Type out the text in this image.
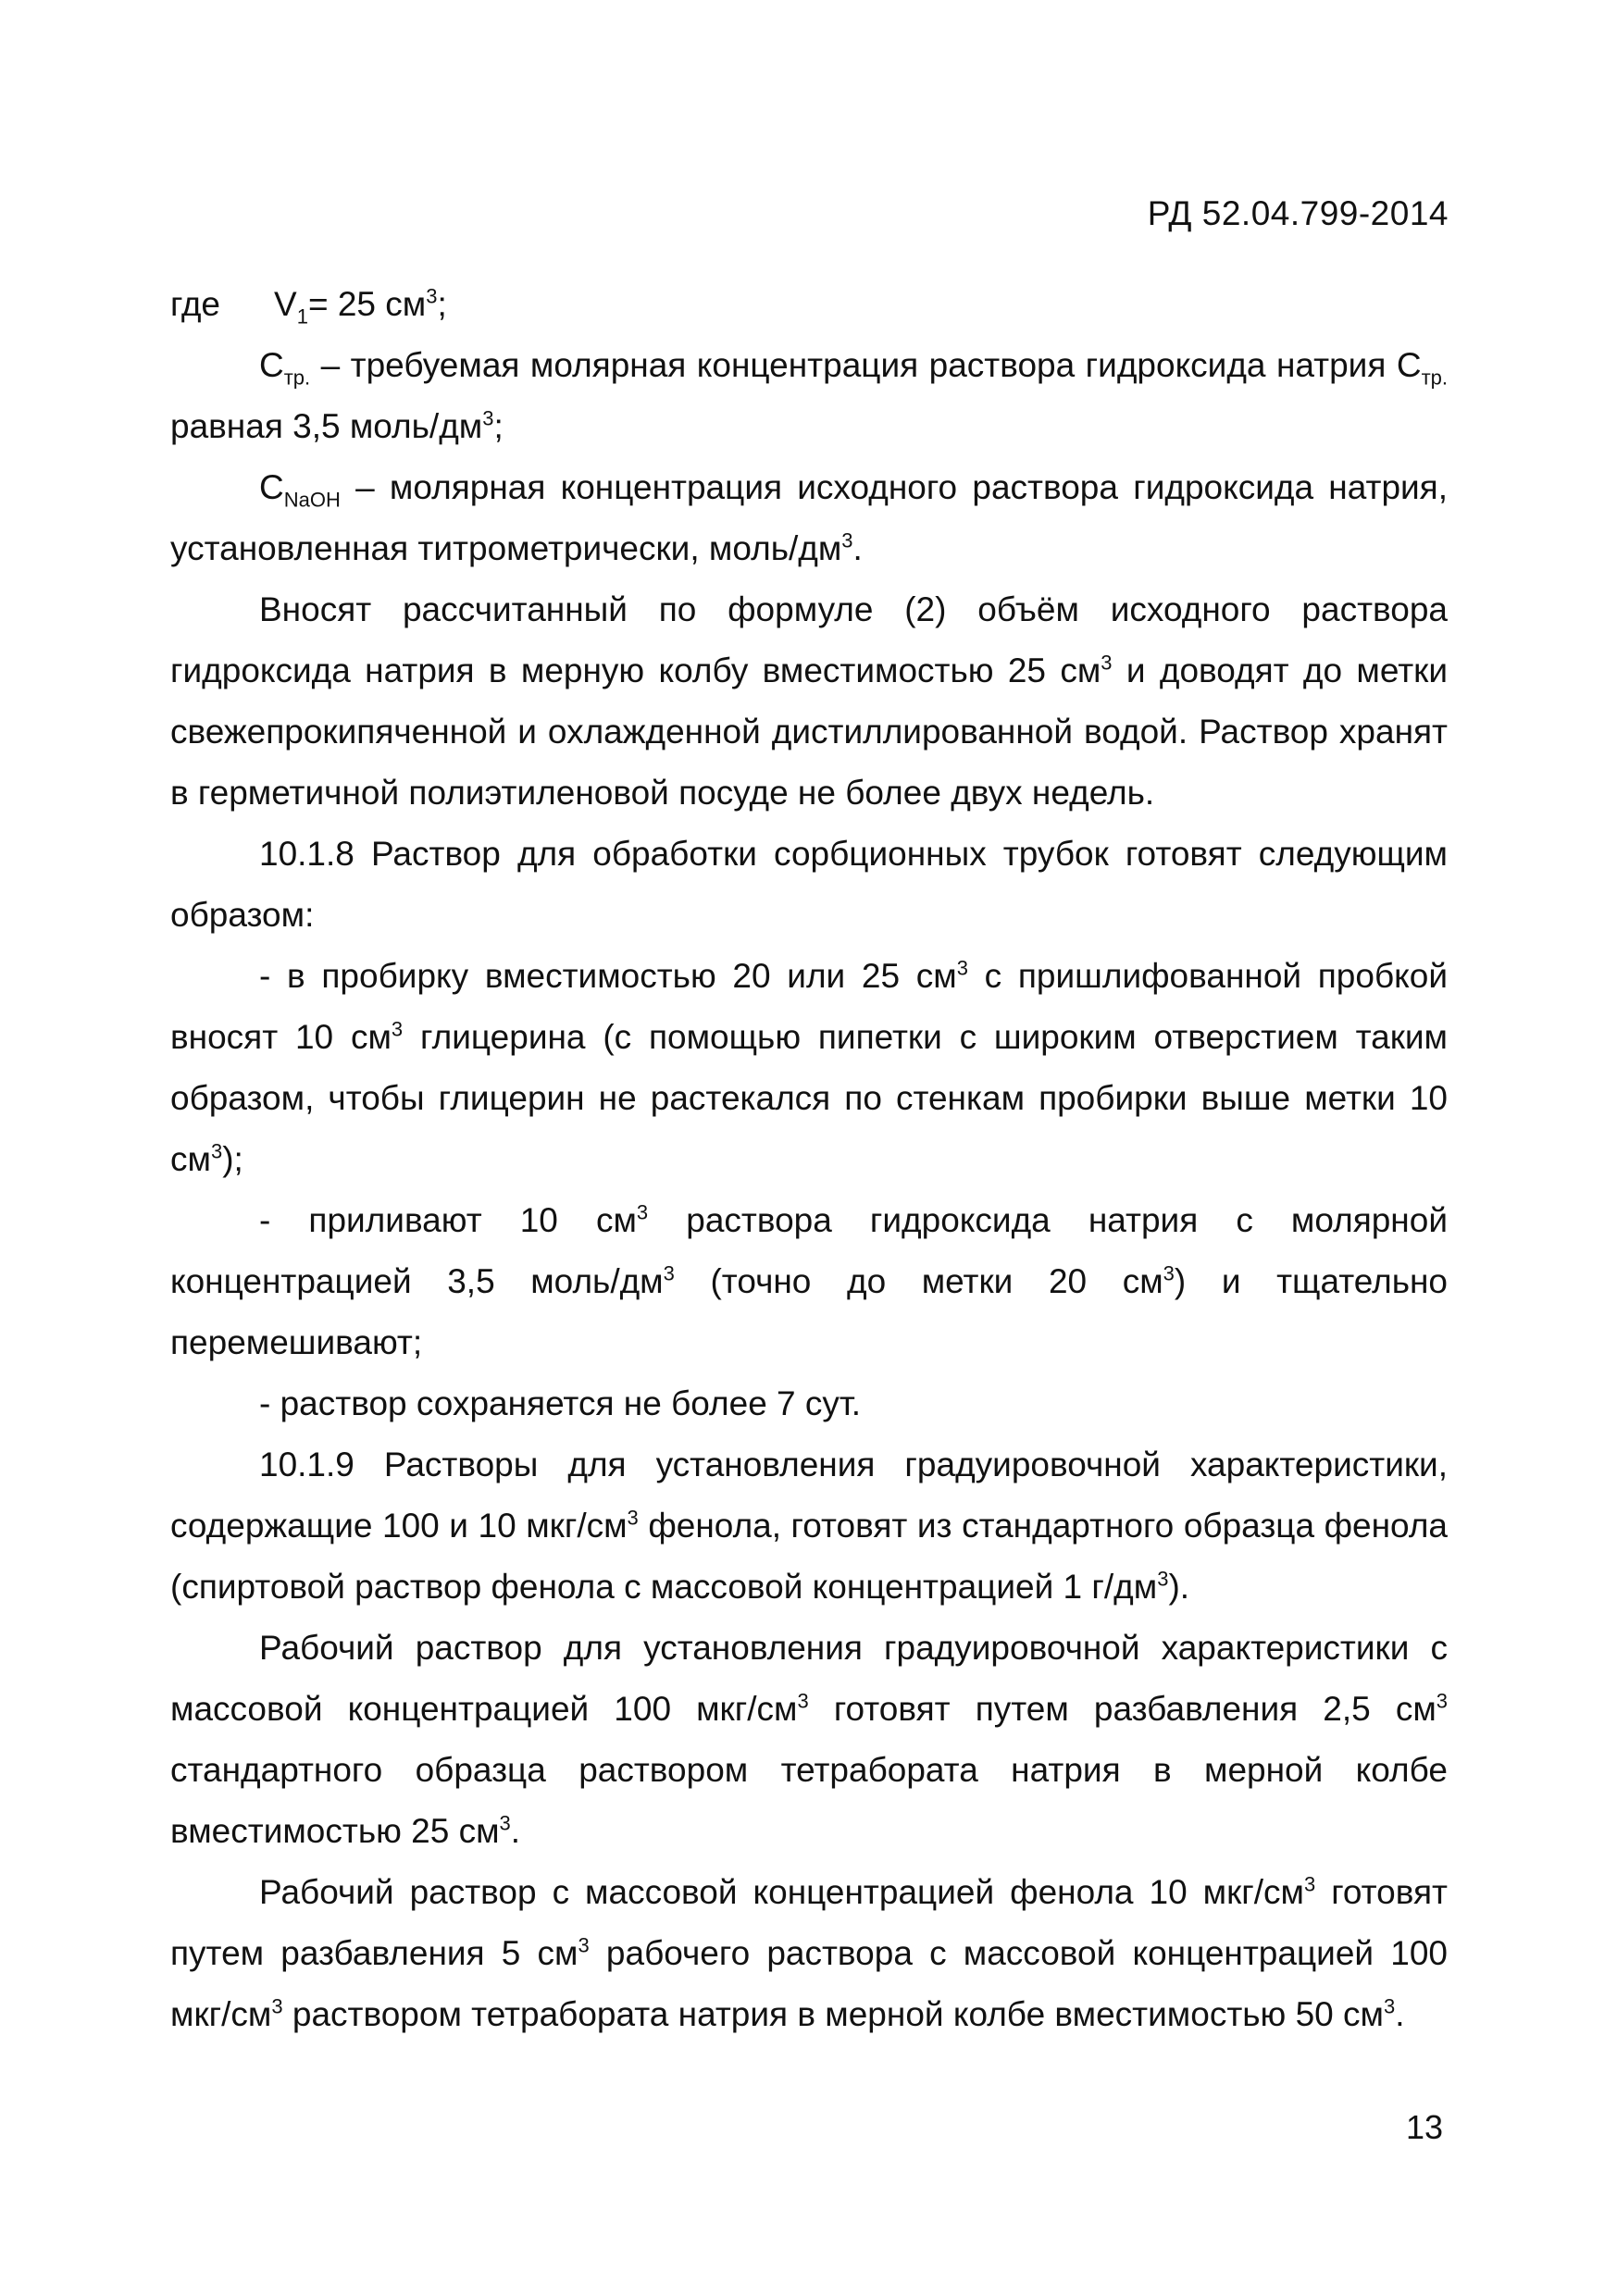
РД 52.04.799-2014
где	$V_1= 25$ $см^3$;

$С_{тр.}$ – требуемая молярная концентрация раствора гидроксида натрия $С_{тр.}$ равная 3,5 моль/$дм^3$;

$С_{NaOH}$ – молярная концентрация исходного раствора гидроксида натрия, установленная титрометрически, моль/$дм^3$.

Вносят рассчитанный по формуле (2) объём исходного раствора гидроксида натрия в мерную колбу вместимостью 25 $см^3$ и доводят до метки свежепрокипяченной и охлажденной дистиллированной водой. Раствор хранят в герметичной полиэтиленовой посуде не более двух недель.

10.1.8 Раствор для обработки сорбционных трубок готовят следующим образом:

- в пробирку вместимостью 20 или 25 $см^3$ с пришлифованной пробкой вносят 10 $см^3$ глицерина (с помощью пипетки с широким отверстием таким образом, чтобы глицерин не растекался по стенкам пробирки выше метки 10 $см^3$);

- приливают 10 $см^3$ раствора гидроксида натрия с молярной концентрацией 3,5 моль/$дм^3$ (точно до метки 20 $см^3$) и тщательно перемешивают;

- раствор сохраняется не более 7 сут.

10.1.9 Растворы для установления градуировочной характеристики, содержащие 100 и 10 мкг/$см^3$ фенола, готовят из стандартного образца фенола (спиртовой раствор фенола с массовой концентрацией 1 $г/дм^3$).

Рабочий раствор для установления градуировочной характеристики с массовой концентрацией 100 мкг/$см^3$ готовят путем разбавления 2,5 $см^3$ стандартного образца раствором тетрабората натрия в мерной колбе вместимостью 25 $см^3$.

Рабочий раствор с массовой концентрацией фенола 10 мкг/$см^3$ готовят путем разбавления 5 $см^3$ рабочего раствора с массовой концентрацией 100 мкг/$см^3$ раствором тетрабората натрия в мерной колбе вместимостью 50 $см^3$.

13
